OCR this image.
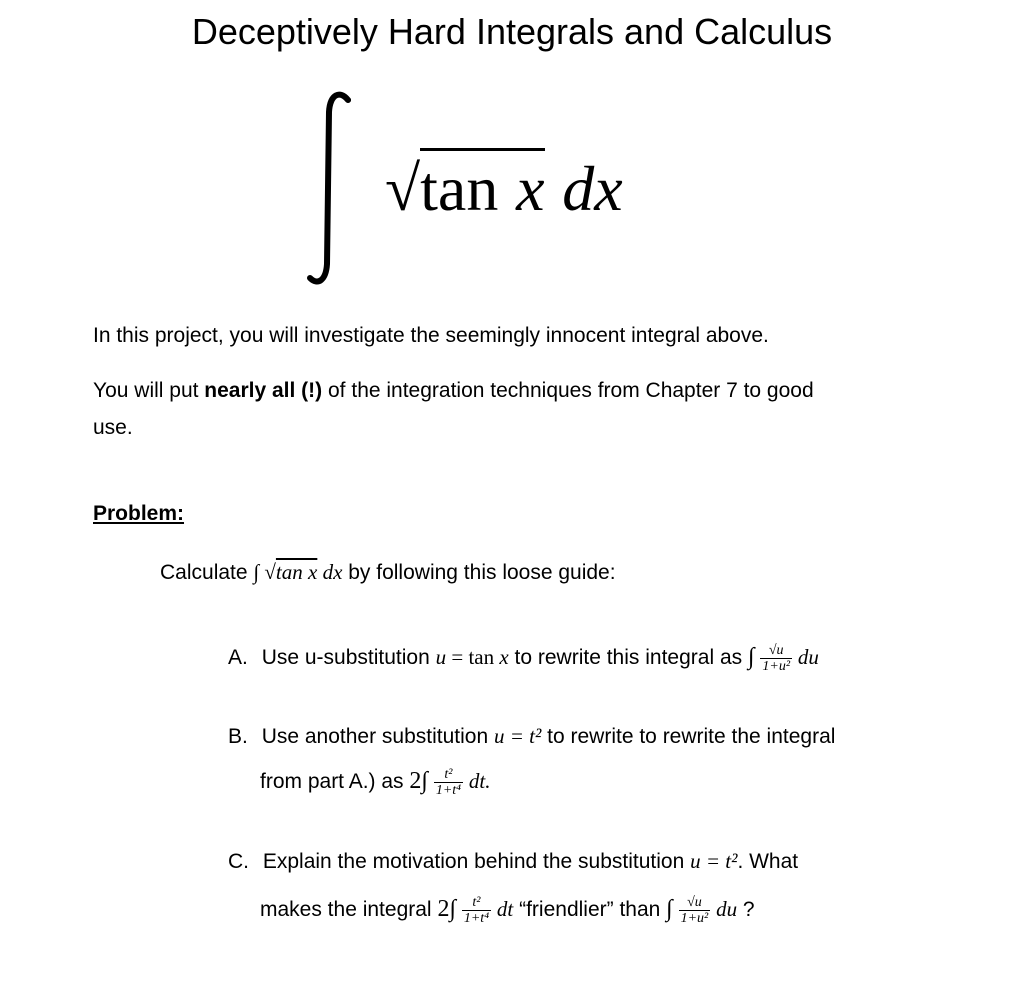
Deceptively Hard Integrals and Calculus
√tan x dx
In this project, you will investigate the seemingly innocent integral above.
You will put nearly all (!) of the integration techniques from Chapter 7 to good
use.
Problem:
Calculate ∫ √tan x dx by following this loose guide:
A. Use u-substitution u = tan x to rewrite this integral as ∫ $\frac{√u}{\text{1+u²}}$ du
B. Use another substitution u = t² to rewrite to rewrite the integral
from part A.) as $2\int \frac{\text{t²}}{\text{1+t⁴}}$ dt.
C. Explain the motivation behind the substitution u = t². What
makes the integral $2\int \frac{\text{t²}}{\text{1+t⁴}}$ dt “friendlier” than ∫ $\frac{√u}{\text{1+u²}}$ du ?
